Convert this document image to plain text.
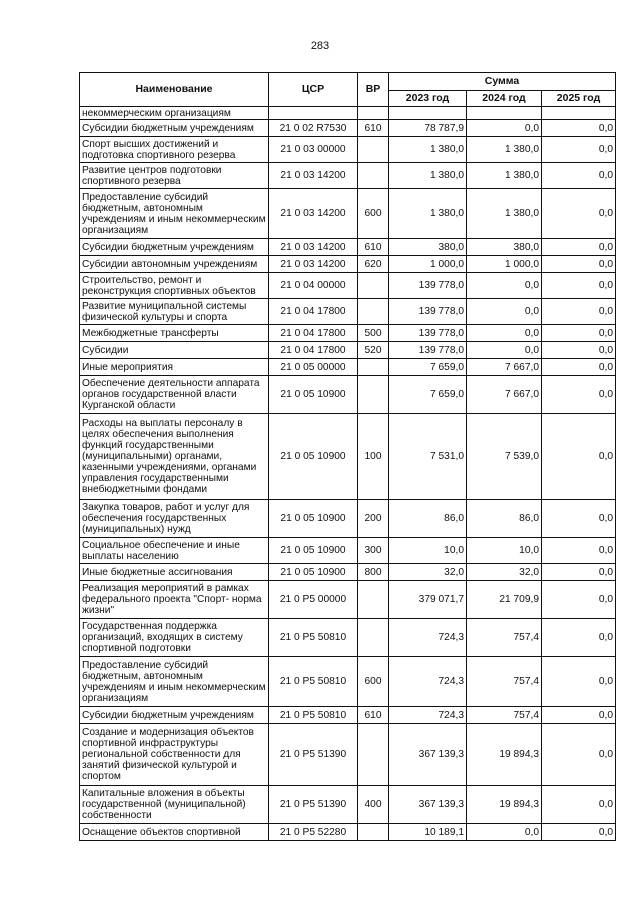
283
Наименование	ЦСР	ВР	Сумма		
			2023 год	2024 год	2025 год
некоммерческим организациям					
Субсидии бюджетным учреждениям	21 0 02 R7530	610	78 787,9	0,0	0,0
Спорт высших достижений и подготовка спортивного резерва	21 0 03 00000		1 380,0	1 380,0	0,0
Развитие центров подготовки спортивного резерва	21 0 03 14200		1 380,0	1 380,0	0,0
Предоставление субсидий бюджетным, автономным учреждениям и иным некоммерческим организациям	21 0 03 14200	600	1 380,0	1 380,0	0,0
Субсидии бюджетным учреждениям	21 0 03 14200	610	380,0	380,0	0,0
Субсидии автономным учреждениям	21 0 03 14200	620	1 000,0	1 000,0	0,0
Строительство, ремонт и реконструкция спортивных объектов	21 0 04 00000		139 778,0	0,0	0,0
Развитие муниципальной системы физической культуры и спорта	21 0 04 17800		139 778,0	0,0	0,0
Межбюджетные трансферты	21 0 04 17800	500	139 778,0	0,0	0,0
Субсидии	21 0 04 17800	520	139 778,0	0,0	0,0
Иные мероприятия	21 0 05 00000		7 659,0	7 667,0	0,0
Обеспечение деятельности аппарата органов государственной власти Курганской области	21 0 05 10900		7 659,0	7 667,0	0,0
Расходы на выплаты персоналу в целях обеспечения выполнения функций государственными (муниципальными) органами, казенными учреждениями, органами управления государственными внебюджетными фондами	21 0 05 10900	100	7 531,0	7 539,0	0,0
Закупка товаров, работ и услуг для обеспечения государственных (муниципальных) нужд	21 0 05 10900	200	86,0	86,0	0,0
Социальное обеспечение и иные выплаты населению	21 0 05 10900	300	10,0	10,0	0,0
Иные бюджетные ассигнования	21 0 05 10900	800	32,0	32,0	0,0
Реализация мероприятий в рамках федерального проекта "Спорт- норма жизни"	21 0 P5 00000		379 071,7	21 709,9	0,0
Государственная поддержка организаций, входящих в систему спортивной подготовки	21 0 P5 50810		724,3	757,4	0,0
Предоставление субсидий бюджетным, автономным учреждениям и иным некоммерческим организациям	21 0 P5 50810	600	724,3	757,4	0,0
Субсидии бюджетным учреждениям	21 0 P5 50810	610	724,3	757,4	0,0
Создание и модернизация объектов спортивной инфраструктуры региональной собственности для занятий физической культурой и спортом	21 0 P5 51390		367 139,3	19 894,3	0,0
Капитальные вложения в объекты государственной (муниципальной) собственности	21 0 P5 51390	400	367 139,3	19 894,3	0,0
Оснащение объектов спортивной	21 0 P5 52280		10 189,1	0,0	0,0
